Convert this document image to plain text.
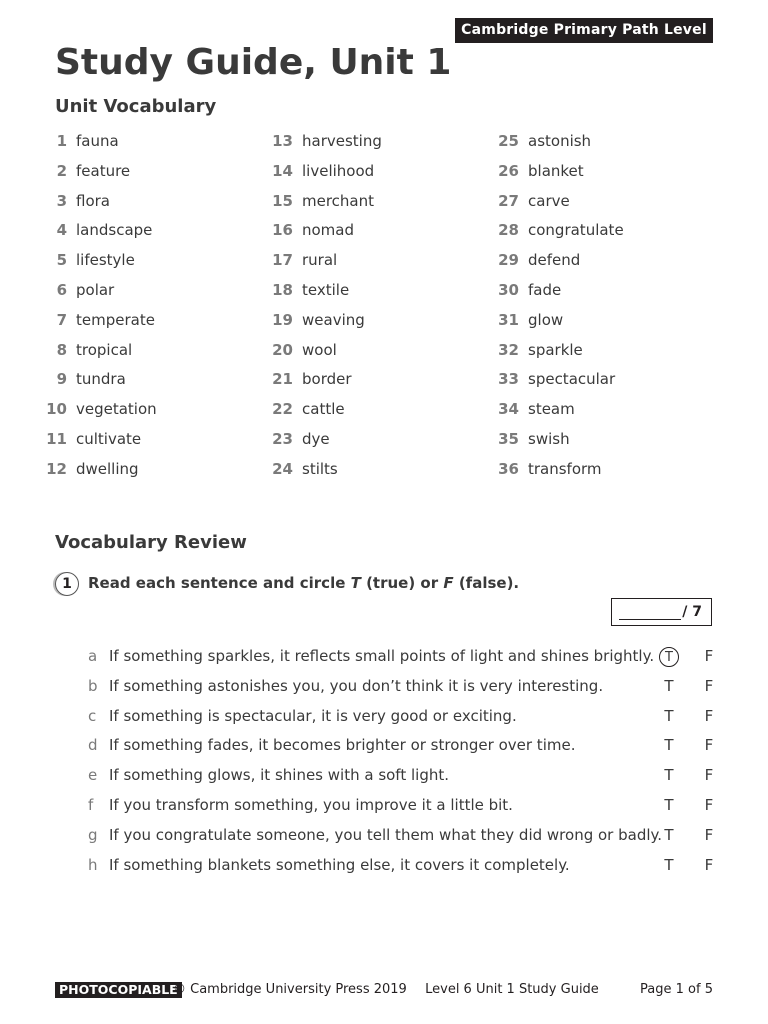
Cambridge Primary Path Level 6
Study Guide, Unit 1
Unit Vocabulary
1 fauna
2 feature
3 flora
4 landscape
5 lifestyle
6 polar
7 temperate
8 tropical
9 tundra
10 vegetation
11 cultivate
12 dwelling
13 harvesting
14 livelihood
15 merchant
16 nomad
17 rural
18 textile
19 weaving
20 wool
21 border
22 cattle
23 dye
24 stilts
25 astonish
26 blanket
27 carve
28 congratulate
29 defend
30 fade
31 glow
32 sparkle
33 spectacular
34 steam
35 swish
36 transform
Vocabulary Review
1	Read each sentence and circle T (true) or F (false).
/ 7
a If something sparkles, it reflects small points of light and shines brightly. T	F
b If something astonishes you, you don’t think it is very interesting.	T	F
c If something is spectacular, it is very good or exciting.	T	F
d If something fades, it becomes brighter or stronger over time.	T	F
e If something glows, it shines with a soft light.	T	F
f	If you transform something, you improve it a little bit.	T	F
g If you congratulate someone, you tell them what they did wrong or badly. T	F
h If something blankets something else, it covers it completely.	T	F
PHOTOCOPIABLE
© Cambridge University Press 2019 Level 6 Unit 1 Study Guide	Page 1 of 5
